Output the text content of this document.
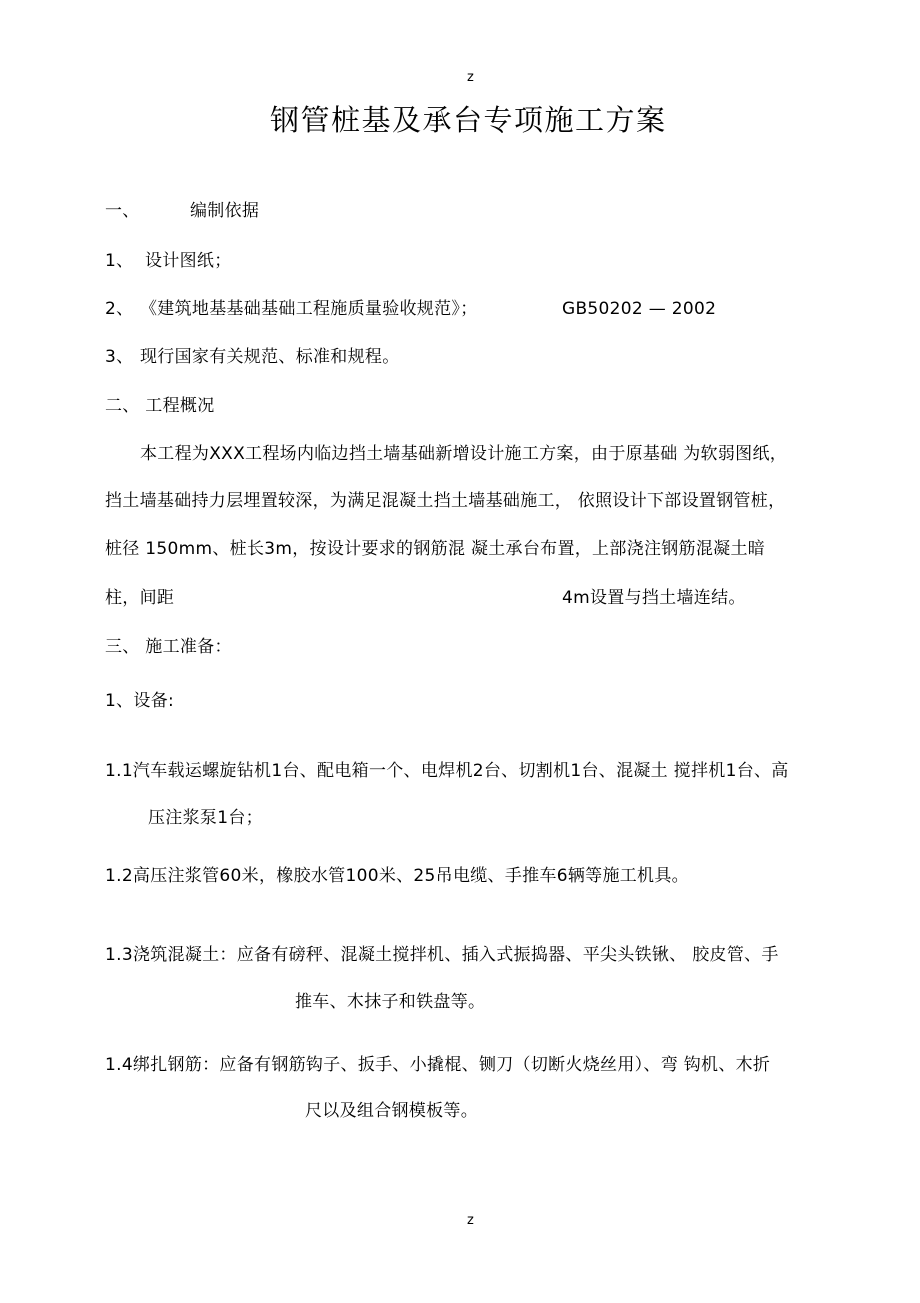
z
钢管桩基及承台专项施工方案
一、	编制依据
1、 设计图纸；
2、 《建筑地基基础基础工程施质量验收规范》；	GB50202 — 2002
3、 现行国家有关规范、标准和规程。
二、 工程概况
本工程为XXX工程场内临边挡土墙基础新增设计施工方案，由于原基础 为软弱图纸，
挡土墙基础持力层埋置较深，为满足混凝土挡土墙基础施工， 依照设计下部设置钢管桩，
桩径 150mm、桩长3m，按设计要求的钢筋混 凝土承台布置，上部浇注钢筋混凝土暗
柱，间距	4m设置与挡土墙连结。
三、 施工准备：
1、设备:
1.1汽车载运螺旋钻机1台、配电箱一个、电焊机2台、切割机1台、混凝土 搅拌机1台、高
压注浆泵1台；
1.2高压注浆管60米，橡胶水管100米、25吊电缆、手推车6辆等施工机具。
1.3浇筑混凝土：应备有磅秤、混凝土搅拌机、插入式振捣器、平尖头铁锹、 胶皮管、手
推车、木抹子和铁盘等。
1.4绑扎钢筋：应备有钢筋钩子、扳手、小撬棍、铡刀（切断火烧丝用）、弯 钩机、木折
尺以及组合钢模板等。
z
